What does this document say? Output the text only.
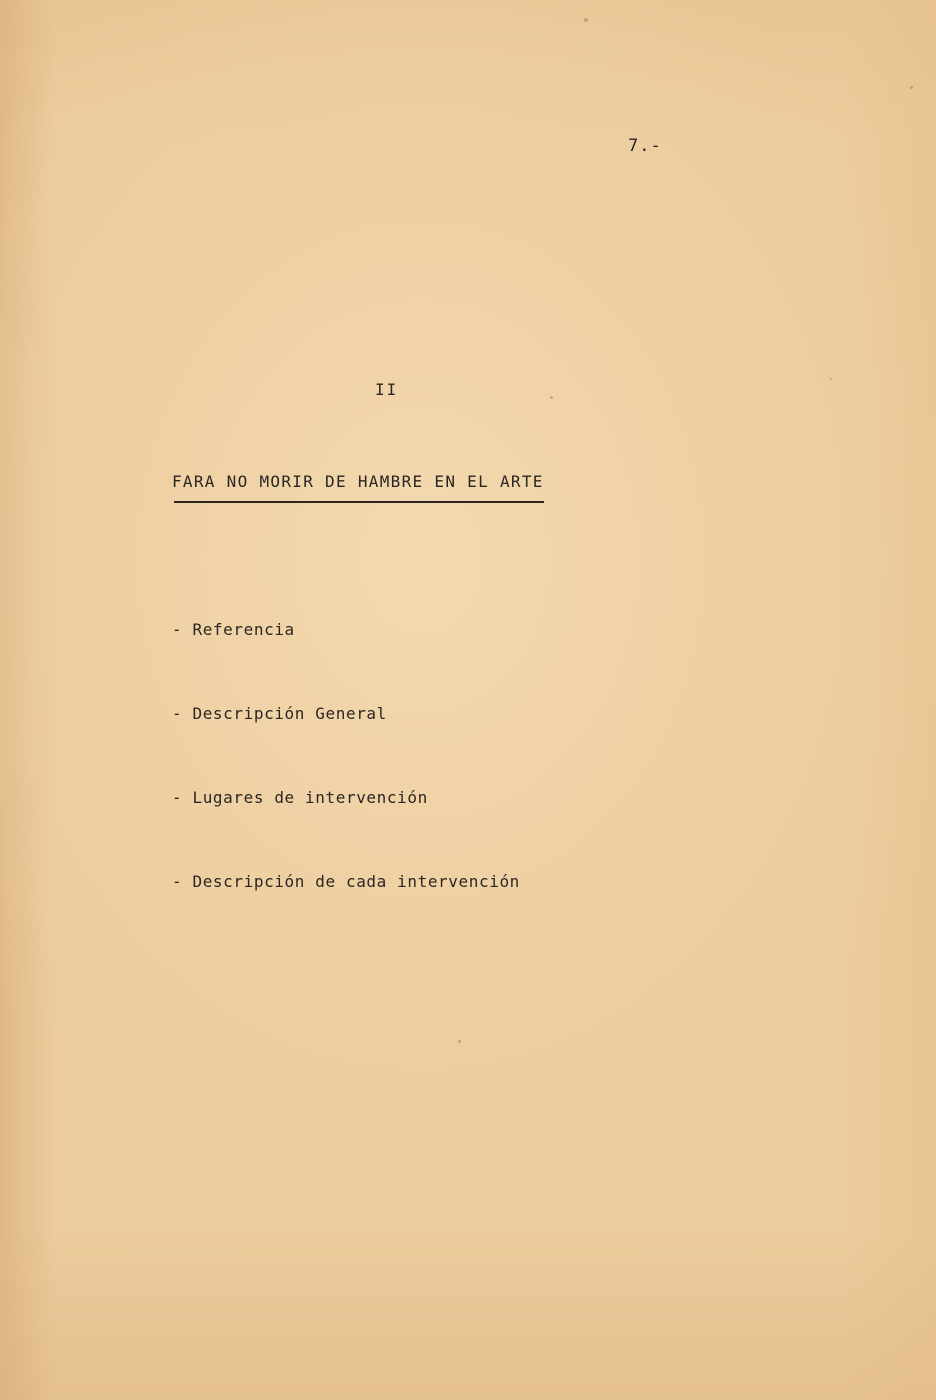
7.-
II
FARA NO MORIR DE HAMBRE EN EL ARTE
- Referencia
- Descripción General
- Lugares de intervención
- Descripción de cada intervención
